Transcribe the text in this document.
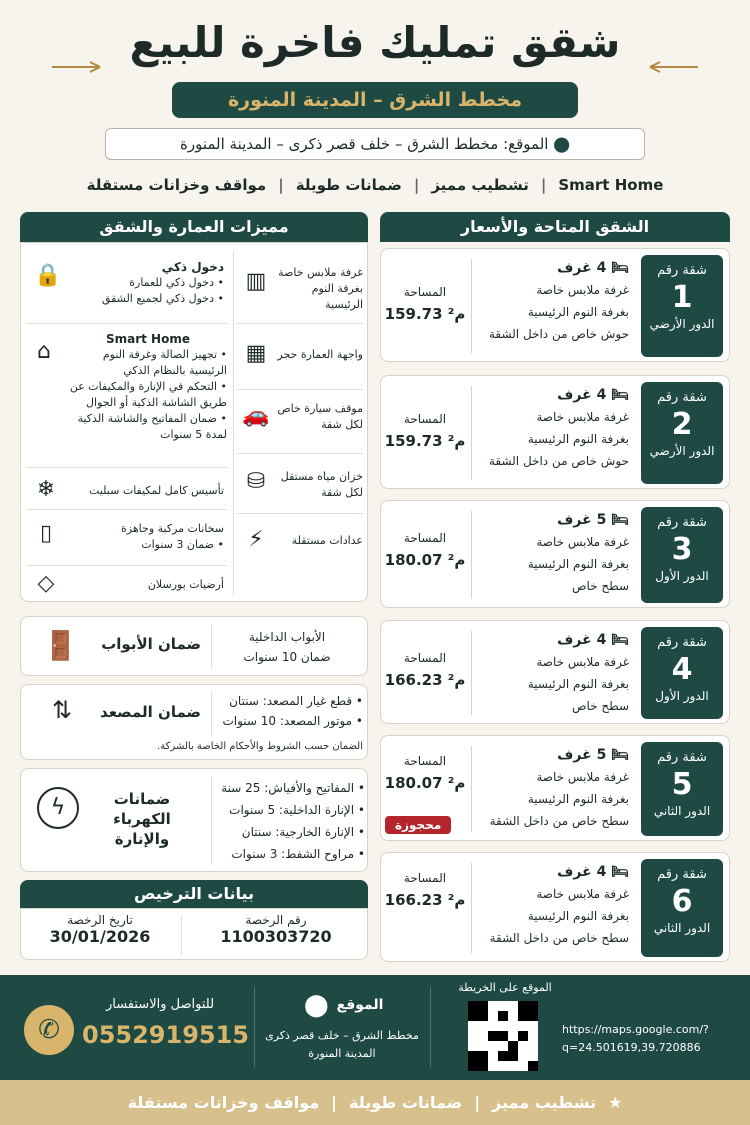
شقق تمليك فاخرة للبيع
مخطط الشرق – المدينة المنورة
⬤ الموقع: مخطط الشرق – خلف قصر ذكرى – المدينة المنورة
Smart Home
|
تشطيب مميز
|
ضمانات طويلة
|
مواقف وخزانات مستقلة
الشقق المتاحة والأسعار
شقة رقم
1
الدور الأرضي
🛏 4 غرف
غرفة ملابس خاصة
بغرفة النوم الرئيسية
حوش خاص من داخل الشقة
المساحة
159.73 م²
شقة رقم
2
الدور الأرضي
🛏 4 غرف
غرفة ملابس خاصة
بغرفة النوم الرئيسية
حوش خاص من داخل الشقة
المساحة
159.73 م²
شقة رقم
3
الدور الأول
🛏 5 غرف
غرفة ملابس خاصة
بغرفة النوم الرئيسية
سطح خاص
المساحة
180.07 م²
شقة رقم
4
الدور الأول
🛏 4 غرف
غرفة ملابس خاصة
بغرفة النوم الرئيسية
سطح خاص
المساحة
166.23 م²
شقة رقم
5
الدور الثاني
🛏 5 غرف
غرفة ملابس خاصة
بغرفة النوم الرئيسية
سطح خاص من داخل الشقة
المساحة
180.07 م²
محجوزة
شقة رقم
6
الدور الثاني
🛏 4 غرف
غرفة ملابس خاصة
بغرفة النوم الرئيسية
سطح خاص من داخل الشقة
المساحة
166.23 م²
مميزات العمارة والشقق
🔒	دخول ذكي
• دخول ذكي للعمارة
• دخول ذكي لجميع الشقق
⌂	Smart Home
• تجهيز الصالة وغرفة النوم الرئيسية بالنظام الذكي
• التحكم في الإنارة والمكيفات عن طريق الشاشة الذكية أو الجوال
• ضمان المفاتيح والشاشة الذكية لمدة 5 سنوات
❄	تأسيس كامل لمكيفات سبليت
▯	سخانات مركبة وجاهزة
• ضمان 3 سنوات
◇	أرضيات بورسلان
▥	غرفة ملابس خاصة بغرفة النوم الرئيسية
▦	واجهة العمارة حجر
🚗 موقف سيارة خاص لكل شقة
⛁	خزان مياه مستقل لكل شقة
⚡	عدادات مستقلة
🚪	ضمان الأبواب	الأبواب الداخلية
ضمان 10 سنوات
⇅	ضمان المصعد
• قطع غيار المصعد: سنتان
• موتور المصعد: 10 سنوات
الضمان حسب الشروط والأحكام الخاصة بالشركة.
ϟ	ضمانات الكهرباء
والإنارة
• المفاتيح والأفياش: 25 سنة
• الإنارة الداخلية: 5 سنوات
• الإنارة الخارجية: سنتان
• مراوح الشفط: 3 سنوات
بيانات الترخيص
رقم الرخصة
1100303720
تاريخ الرخصة
30/01/2026
للتواصل والاستفسار
0552919515
✆
⬤ الموقع
مخطط الشرق – خلف قصر ذكرى
المدينة المنورة
الموقع على الخريطة
https://maps.google.com/?
q=24.501619,39.720886
★
تشطيب مميز
|
ضمانات طويلة
|
مواقف وخزانات مستقلة
